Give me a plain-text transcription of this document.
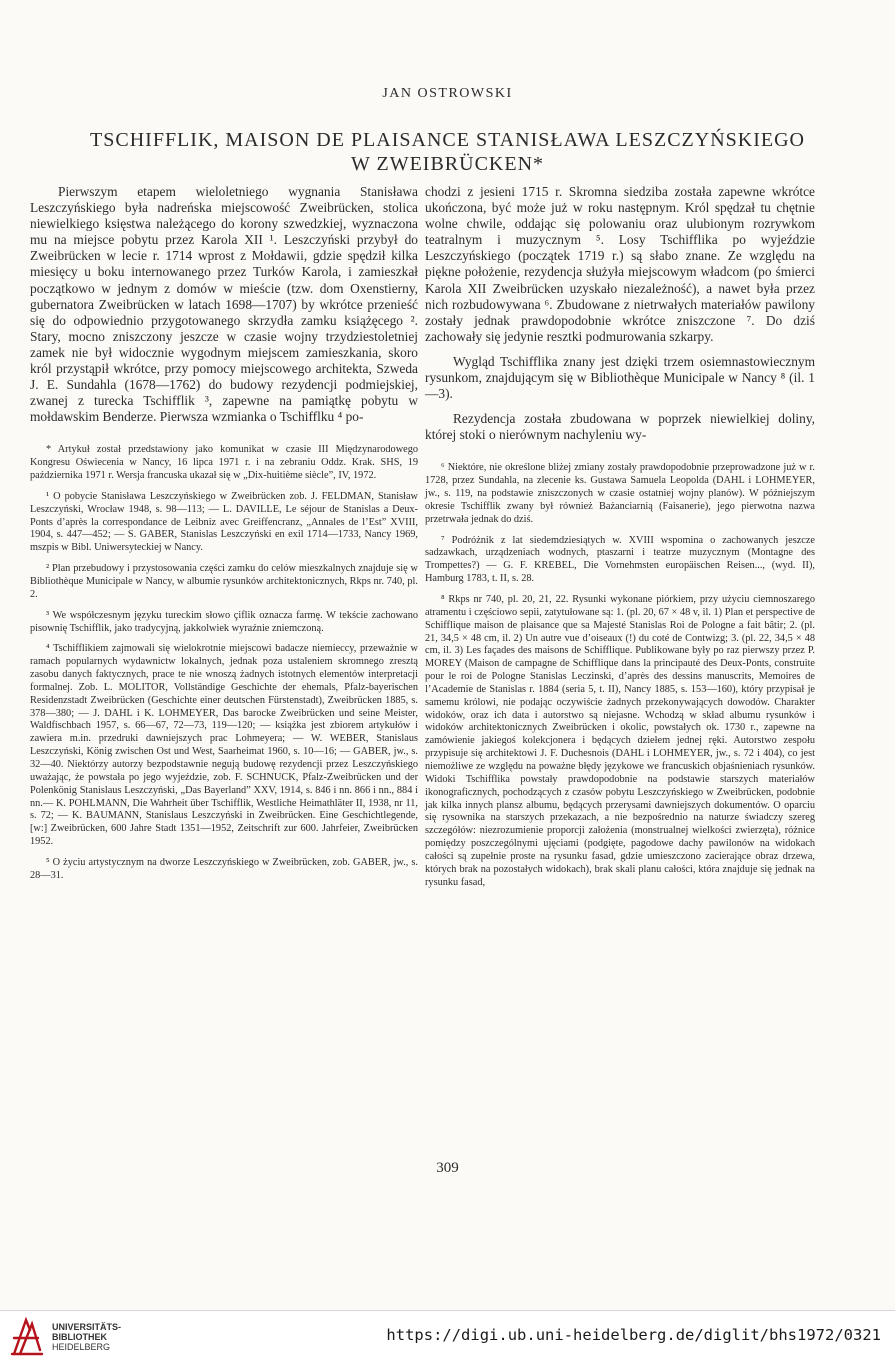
JAN OSTROWSKI
TSCHIFFLIK, MAISON DE PLAISANCE STANISŁAWA LESZCZYŃSKIEGO
W ZWEIBRÜCKEN*

Pierwszym etapem wieloletniego wygnania Stanisława Leszczyńskiego była nadreńska miejscowość Zweibrücken, stolica niewielkiego księstwa należącego do korony szwedzkiej, wyznaczona mu na miejsce pobytu przez Karola XII ¹. Leszczyński przybył do Zweibrücken w lecie r. 1714 wprost z Mołdawii, gdzie spędził kilka miesięcy u boku internowanego przez Turków Karola, i zamieszkał początkowo w jednym z domów w mieście (tzw. dom Oxenstierny, gubernatora Zweibrücken w latach 1698—1707) by wkrótce przenieść się do odpowiednio przygotowanego skrzydła zamku książęcego ². Stary, mocno zniszczony jeszcze w czasie wojny trzydziestoletniej zamek nie był widocznie wygodnym miejscem zamieszkania, skoro król przystąpił wkrótce, przy pomocy miejscowego architekta, Szweda J. E. Sundahla (1678—1762) do budowy rezydencji podmiejskiej, zwanej z turecka Tschifflik ³, zapewne na pamiątkę pobytu w mołdawskim Benderze. Pierwsza wzmianka o Tschifflku ⁴ po-

* Artykuł został przedstawiony jako komunikat w czasie III Międzynarodowego Kongresu Oświecenia w Nancy, 16 lipca 1971 r. i na zebraniu Oddz. Krak. SHS, 19 października 1971 r. Wersja francuska ukazał się w „Dix-huitième siècle”, IV, 1972.

¹ O pobycie Stanisława Leszczyńskiego w Zweibrücken zob. J. FELDMAN, Stanisław Leszczyński, Wrocław 1948, s. 98—113; — L. DAVILLE, Le séjour de Stanislas a Deux-Ponts d’après la correspondance de Leibniz avec Greiffencranz, „Annales de l’Est” XVIII, 1904, s. 447—452; — S. GABER, Stanislas Leszczyński en exil 1714—1733, Nancy 1969, mszpis w Bibl. Uniwersyteckiej w Nancy.

² Plan przebudowy i przystosowania części zamku do celów mieszkalnych znajduje się w Bibliothèque Municipale w Nancy, w albumie rysunków architektonicznych, Rkps nr. 740, pl. 2.

³ We współczesnym języku tureckim słowo çiflik oznacza farmę. W tekście zachowano pisownię Tschifflik, jako tradycyjną, jakkolwiek wyraźnie zniemczoną.

⁴ Tschifflikiem zajmowali się wielokrotnie miejscowi badacze niemieccy, przeważnie w ramach popularnych wydawnictw lokalnych, jednak poza ustaleniem skromnego zresztą zasobu danych faktycznych, prace te nie wnoszą żadnych istotnych elementów interpretacji formalnej. Zob. L. MOLITOR, Vollständige Geschichte der ehemals, Pfalz-bayerischen Residenzstadt Zweibrücken (Geschichte einer deutschen Fürstenstadt), Zweibrücken 1885, s. 378—380; — J. DAHL i K. LOHMEYER, Das barocke Zweibrücken und seine Meister, Waldfischbach 1957, s. 66—67, 72—73, 119—120; — książka jest zbiorem artykułów i zawiera m.in. przedruki dawniejszych prac Lohmeyera; — W. WEBER, Stanislaus Leszczyński, König zwischen Ost und West, Saarheimat 1960, s. 10—16; — GABER, jw., s. 32—40. Niektórzy autorzy bezpodstawnie negują budowę rezydencji przez Leszczyńskiego uważając, że powstała po jego wyjeździe, zob. F. SCHNUCK, Pfalz-Zweibrücken und der Polenkönig Stanislaus Leszczyński, „Das Bayerland” XXV, 1914, s. 846 i nn. 866 i nn., 884 i nn.— K. POHLMANN, Die Wahrheit über Tschifflik, Westliche Heimathläter II, 1938, nr 11, s. 72; — K. BAUMANN, Stanislaus Leszczyński in Zweibrücken. Eine Geschichtlegende, [w:] Zweibrücken, 600 Jahre Stadt 1351—1952, Zeitschrift zur 600. Jahrfeier, Zweibrücken 1952.

⁵ O życiu artystycznym na dworze Leszczyńskiego w Zweibrücken, zob. GABER, jw., s. 28—31.

chodzi z jesieni 1715 r. Skromna siedziba została zapewne wkrótce ukończona, być może już w roku następnym. Król spędzał tu chętnie wolne chwile, oddając się polowaniu oraz ulubionym rozrywkom teatralnym i muzycznym ⁵. Losy Tschifflika po wyjeździe Leszczyńskiego (początek 1719 r.) są słabo znane. Ze względu na piękne położenie, rezydencja służyła miejscowym władcom (po śmierci Karola XII Zweibrücken uzyskało niezależność), a nawet była przez nich rozbudowywana ⁶. Zbudowane z nietrwałych materiałów pawilony zostały jednak prawdopodobnie wkrótce zniszczone ⁷. Do dziś zachowały się jedynie resztki podmurowania szkarpy.

Wygląd Tschifflika znany jest dzięki trzem osiemnastowiecznym rysunkom, znajdującym się w Bibliothèque Municipale w Nancy ⁸ (il. 1—3).

Rezydencja została zbudowana w poprzek niewielkiej doliny, której stoki o nierównym nachyleniu wy-

⁶ Niektóre, nie określone bliżej zmiany zostały prawdopodobnie przeprowadzone już w r. 1728, przez Sundahla, na zlecenie ks. Gustawa Samuela Leopolda (DAHL i LOHMEYER, jw., s. 119, na podstawie zniszczonych w czasie ostatniej wojny planów). W późniejszym okresie Tschifflik zwany był również Bażanciarnią (Faisanerie), jego pierwotna nazwa przetrwała jednak do dziś.

⁷ Podróżnik z lat siedemdziesiątych w. XVIII wspomina o zachowanych jeszcze sadzawkach, urządzeniach wodnych, ptaszarni i teatrze muzycznym (Montagne des Trompettes?) — G. F. KREBEL, Die Vornehmsten europäischen Reisen..., (wyd. II), Hamburg 1783, t. II, s. 28.

⁸ Rkps nr 740, pl. 20, 21, 22. Rysunki wykonane piórkiem, przy użyciu ciemnoszarego atramentu i częściowo sepii, zatytułowane są: 1. (pl. 20, 67 × 48 v, il. 1) Plan et perspective de Schifflique maison de plaisance que sa Majesté Stanislas Roi de Pologne a fait bâtir; 2. (pl. 21, 34,5 × 48 cm, il. 2) Un autre vue d’oiseaux (!) du coté de Contwizg; 3. (pl. 22, 34,5 × 48 cm, il. 3) Les façades des maisons de Schifflique. Publikowane były po raz pierwszy przez P. MOREY (Maison de campagne de Schifflique dans la principauté des Deux-Ponts, construite pour le roi de Pologne Stanislas Leczinski, d’après des dessins manuscrits, Memoires de l’Academie de Stanislas r. 1884 (seria 5, t. II), Nancy 1885, s. 153—160), który przypisał je samemu królowi, nie podając oczywiście żadnych przekonywających dowodów. Charakter widoków, oraz ich data i autorstwo są niejasne. Wchodzą w skład albumu rysunków i widoków architektonicznych Zweibrücken i okolic, powstałych ok. 1730 r., zapewne na zamówienie jakiegoś kolekcjonera i będących dziełem jednej ręki. Autorstwo zespołu przypisuje się architektowi J. F. Duchesnois (DAHL i LOHMEYER, jw., s. 72 i 404), co jest niemożliwe ze względu na poważne błędy językowe we francuskich objaśnieniach rysunków. Widoki Tschifflika powstały prawdopodobnie na podstawie starszych materiałów ikonograficznych, pochodzących z czasów pobytu Leszczyńskiego w Zweibrücken, podobnie jak kilka innych plansz albumu, będących przerysami dawniejszych dokumentów. O oparciu się rysownika na starszych przekazach, a nie bezpośrednio na naturze świadczy szereg szczegółów: niezrozumienie proporcji założenia (monstrualnej wielkości zwierzęta), różnice pomiędzy poszczególnymi ujęciami (podgięte, pagodowe dachy pawilonów na widokach całości są zupełnie proste na rysunku fasad, gdzie umieszczono zacierające obraz drzewa, których brak na pozostałych widokach), brak skali planu całości, która znajduje się jednak na rysunku fasad,

309
UNIVERSITÄTS-
BIBLIOTHEK
HEIDELBERG
https://digi.ub.uni-heidelberg.de/diglit/bhs1972/0321
